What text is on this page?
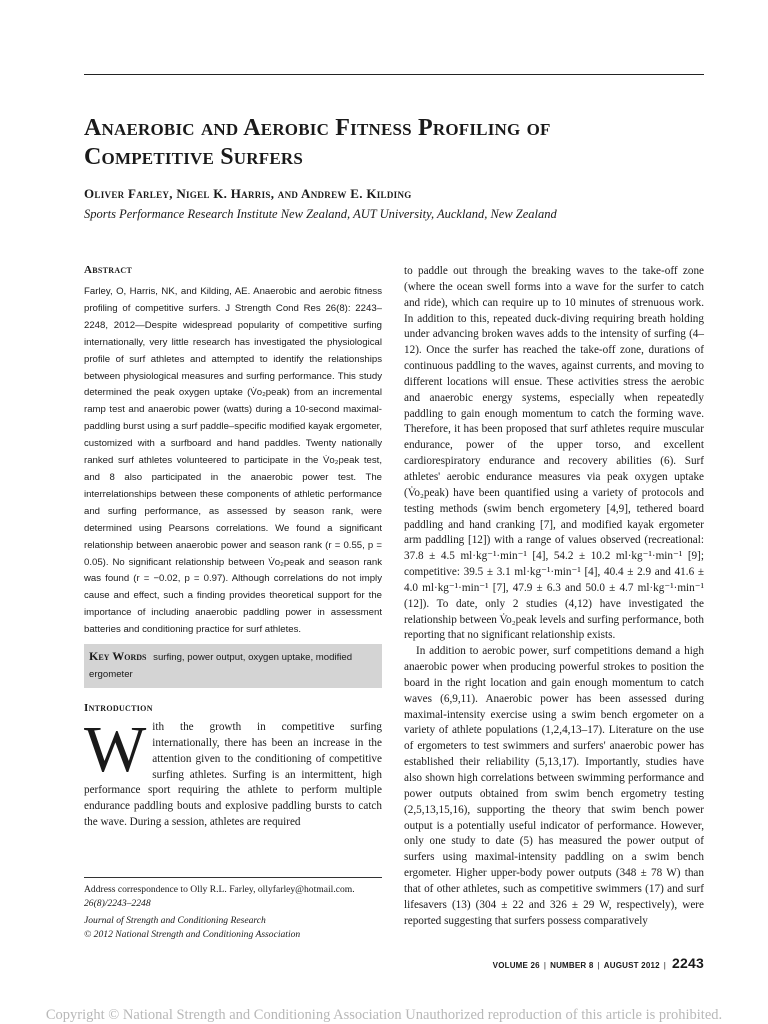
Anaerobic and Aerobic Fitness Profiling of
Competitive Surfers
Oliver Farley, Nigel K. Harris, and Andrew E. Kilding
Sports Performance Research Institute New Zealand, AUT University, Auckland, New Zealand
Abstract

Farley, O, Harris, NK, and Kilding, AE. Anaerobic and aerobic fitness profiling of competitive surfers. J Strength Cond Res 26(8): 2243–2248, 2012—Despite widespread popularity of competitive surfing internationally, very little research has investigated the physiological profile of surf athletes and attempted to identify the relationships between physiological measures and surfing performance. This study determined the peak oxygen uptake (V̇o₂peak) from an incremental ramp test and anaerobic power (watts) during a 10-second maximal-paddling burst using a surf paddle–specific modified kayak ergometer, customized with a surfboard and hand paddles. Twenty nationally ranked surf athletes volunteered to participate in the V̇o₂peak test, and 8 also participated in the anaerobic power test. The interrelationships between these components of athletic performance and surfing performance, as assessed by season rank, were determined using Pearsons correlations. We found a significant relationship between anaerobic power and season rank (r = 0.55, p = 0.05). No significant relationship between V̇o₂peak and season rank was found (r = −0.02, p = 0.97). Although correlations do not imply cause and effect, such a finding provides theoretical support for the importance of including anaerobic paddling power in assessment batteries and conditioning practice for surf athletes.

Key Words surfing, power output, oxygen uptake, modified ergometer
Introduction

W ith the growth in competitive surfing internationally, there has been an increase in the attention given to the conditioning of competitive surfing athletes. Surfing is an intermittent, high performance sport requiring the athlete to perform multiple endurance paddling bouts and explosive paddling bursts to catch the wave. During a session, athletes are required

to paddle out through the breaking waves to the take-off zone (where the ocean swell forms into a wave for the surfer to catch and ride), which can require up to 10 minutes of strenuous work. In addition to this, repeated duck-diving requiring breath holding under advancing broken waves adds to the intensity of surfing (4–12). Once the surfer has reached the take-off zone, durations of continuous paddling to the waves, against currents, and moving to different locations will ensue. These activities stress the aerobic and anaerobic energy systems, especially when repeatedly paddling to gain enough momentum to catch the forming wave. Therefore, it has been proposed that surf athletes require muscular endurance, power of the upper torso, and excellent cardiorespiratory endurance and recovery abilities (6). Surf athletes' aerobic endurance measures via peak oxygen uptake (V̇o₂peak) have been quantified using a variety of protocols and testing methods (swim bench ergometery [4,9], tethered board paddling and hand cranking [7], and modified kayak ergometer arm paddling [12]) with a range of values observed (recreational: 37.8 ± 4.5 ml·kg⁻¹·min⁻¹ [4], 54.2 ± 10.2 ml·kg⁻¹·min⁻¹ [9]; competitive: 39.5 ± 3.1 ml·kg⁻¹·min⁻¹ [4], 40.4 ± 2.9 and 41.6 ± 4.0 ml·kg⁻¹·min⁻¹ [7], 47.9 ± 6.3 and 50.0 ± 4.7 ml·kg⁻¹·min⁻¹ (12]). To date, only 2 studies (4,12) have investigated the relationship between V̇o₂peak levels and surfing performance, both reporting that no significant relationship exists.

In addition to aerobic power, surf competitions demand a high anaerobic power when producing powerful strokes to position the board in the right location and gain enough momentum to catch waves (6,9,11). Anaerobic power has been assessed during maximal-intensity exercise using a swim bench ergometer on a variety of athlete populations (1,2,4,13–17). Literature on the use of ergometers to test swimmers and surfers' anaerobic power has established their reliability (5,13,17). Importantly, studies have also shown high correlations between swimming performance and power outputs obtained from swim bench ergometry testing (2,5,13,15,16), supporting the theory that swim bench power output is a potentially useful indicator of performance. However, only one study to date (5) has measured the power output of surfers using maximal-intensity paddling on a swim bench ergometer. Higher upper-body power outputs (348 ± 78 W) than that of other athletes, such as competitive swimmers (17) and surf lifesavers (13) (304 ± 22 and 326 ± 29 W, respectively), were reported suggesting that surfers possess comparatively

Address correspondence to Olly R.L. Farley, ollyfarley@hotmail.com.
26(8)/2243–2248
Journal of Strength and Conditioning Research
© 2012 National Strength and Conditioning Association
VOLUME 26 | NUMBER 8 | AUGUST 2012 | 2243
Copyright © National Strength and Conditioning Association Unauthorized reproduction of this article is prohibited.
